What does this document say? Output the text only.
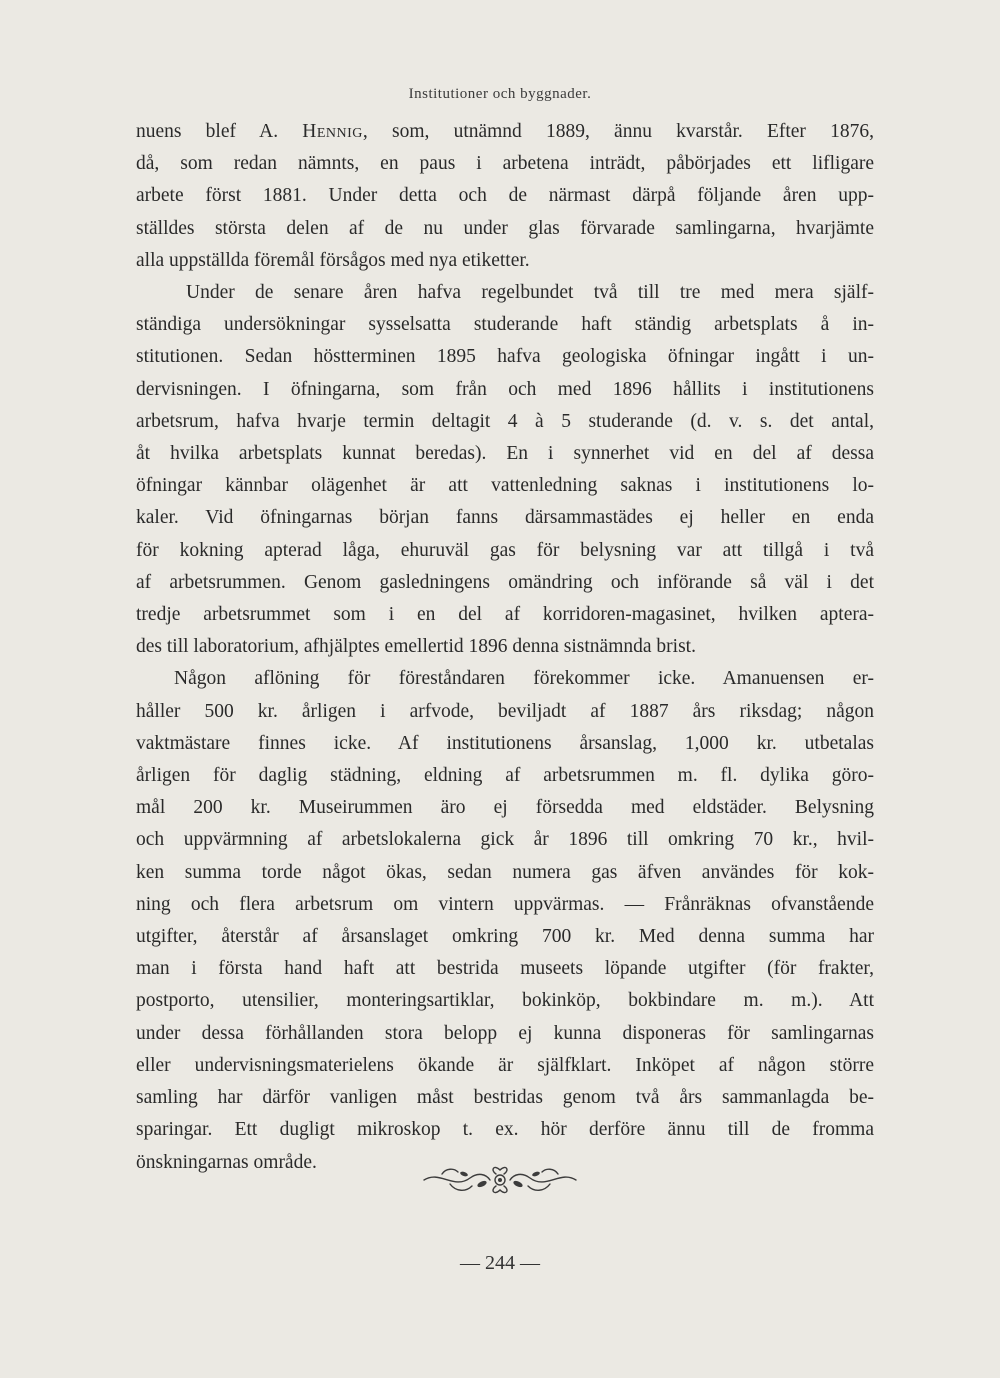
Institutioner och byggnader.
nuens blef A. Hennig, som, utnämnd 1889, ännu kvarstår. Efter 1876,
då, som redan nämnts, en paus i arbetena inträdt, påbörjades ett lifligare
arbete först 1881. Under detta och de närmast därpå följande åren upp-
ställdes största delen af de nu under glas förvarade samlingarna, hvarjämte
alla uppställda föremål försågos med nya etiketter.
Under de senare åren hafva regelbundet två till tre med mera själf-
ständiga undersökningar sysselsatta studerande haft ständig arbetsplats å in-
stitutionen. Sedan höstterminen 1895 hafva geologiska öfningar ingått i un-
dervisningen. I öfningarna, som från och med 1896 hållits i institutionens
arbetsrum, hafva hvarje termin deltagit 4 à 5 studerande (d. v. s. det antal,
åt hvilka arbetsplats kunnat beredas). En i synnerhet vid en del af dessa
öfningar kännbar olägenhet är att vattenledning saknas i institutionens lo-
kaler. Vid öfningarnas början fanns därsammastädes ej heller en enda
för kokning apterad låga, ehuruväl gas för belysning var att tillgå i två
af arbetsrummen. Genom gasledningens omändring och införande så väl i det
tredje arbetsrummet som i en del af korridoren-magasinet, hvilken aptera-
des till laboratorium, afhjälptes emellertid 1896 denna sistnämnda brist.
Någon aflöning för föreståndaren förekommer icke. Amanuensen er-
håller 500 kr. årligen i arfvode, beviljadt af 1887 års riksdag; någon
vaktmästare finnes icke. Af institutionens årsanslag, 1,000 kr. utbetalas
årligen för daglig städning, eldning af arbetsrummen m. fl. dylika göro-
mål 200 kr. Museirummen äro ej försedda med eldstäder. Belysning
och uppvärmning af arbetslokalerna gick år 1896 till omkring 70 kr., hvil-
ken summa torde något ökas, sedan numera gas äfven användes för kok-
ning och flera arbetsrum om vintern uppvärmas. — Frånräknas ofvanstående
utgifter, återstår af årsanslaget omkring 700 kr. Med denna summa har
man i första hand haft att bestrida museets löpande utgifter (för frakter,
postporto, utensilier, monteringsartiklar, bokinköp, bokbindare m. m.). Att
under dessa förhållanden stora belopp ej kunna disponeras för samlingarnas
eller undervisningsmaterielens ökande är själfklart. Inköpet af någon större
samling har därför vanligen måst bestridas genom två års sammanlagda be-
sparingar. Ett dugligt mikroskop t. ex. hör derföre ännu till de fromma
önskningarnas område.
— 244 —
